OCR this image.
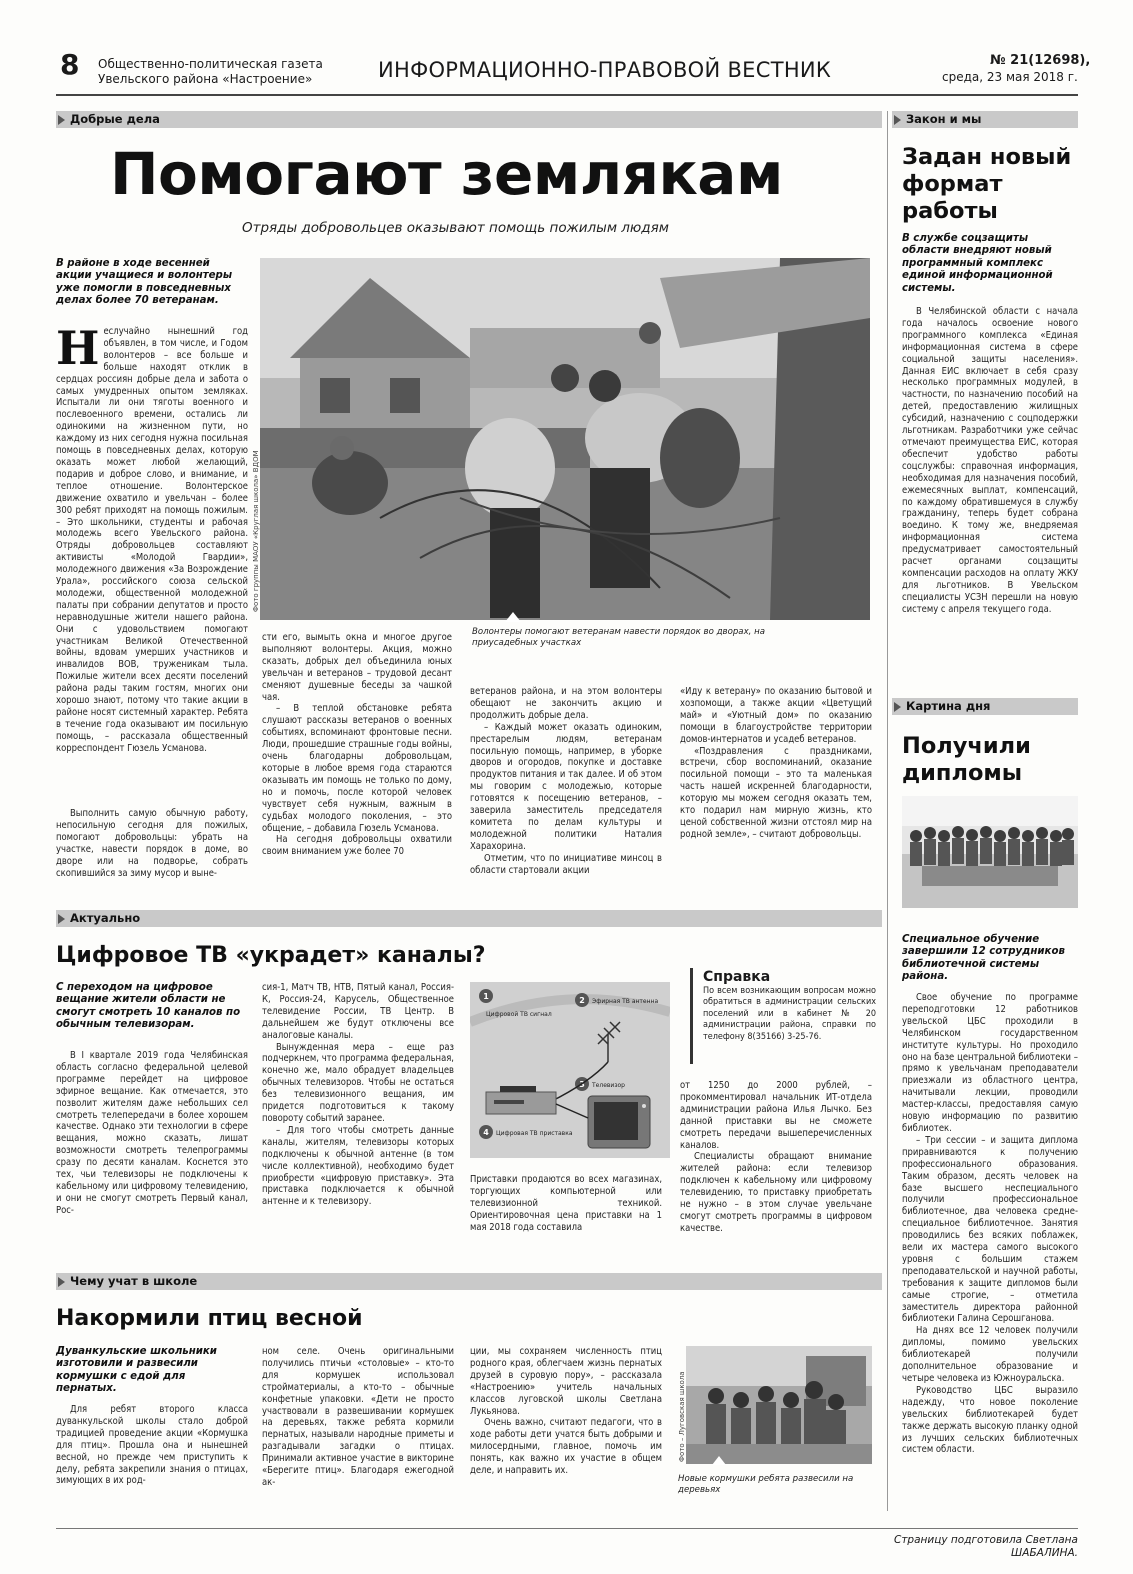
8 Общественно-политическая газета
Увельского района «Настроение»	ИНФОРМАЦИОННО-ПРАВОВОЙ ВЕСТНИК	№ 21(12698),
среда, 23 мая 2018 г.
Добрые дела
Помогают землякам
Отряды добровольцев оказывают помощь пожилым людям
В районе в ходе весенней акции учащиеся и волонтеры уже помогли в повседневных делах более 70 ветеранам.
Н еслучайно нынешний год объявлен, в том числе, и Годом волонтеров – все больше и больше находят отклик в сердцах россиян добрые дела и забота о самых умудренных опытом земляках. Испытали ли они тяготы военного и послевоенного времени, остались ли одинокими на жизненном пути, но каждому из них сегодня нужна посильная помощь в повседневных делах, которую оказать может любой желающий, подарив и доброе слово, и внимание, и теплое отношение. Волонтерское движение охватило и увельчан – более 300 ребят приходят на помощь пожилым. – Это школьники, студенты и рабочая молодежь всего Увельского района. Отряды добровольцев составляют активисты «Молодой Гвардии», молодежного движения «За Возрождение Урала», российского союза сельской молодежи, общественной молодежной палаты при собрании депутатов и просто неравнодушные жители нашего района. Они с удовольствием помогают участникам Великой Отечественной войны, вдовам умерших участников и инвалидов ВОВ, труженикам тыла. Пожилые жители всех десяти поселений района рады таким гостям, многих они хорошо знают, потому что такие акции в районе носят системный характер. Ребята в течение года оказывают им посильную помощь, – рассказала общественный корреспондент Гюзель Усманова.

Выполнить самую обычную работу, непосильную сегодня для пожилых, помогают добровольцы: убрать на участке, навести порядок в доме, во дворе или на подворье, собрать скопившийся за зиму мусор и выне-

Фото группы МАОУ «Круглая школа» ВДОМ
Волонтеры помогают ветеранам навести порядок во дворах, на приусадебных участках

сти его, вымыть окна и многое другое выполняют волонтеры. Акция, можно сказать, добрых дел объединила юных увельчан и ветеранов – трудовой десант сменяют душевные беседы за чашкой чая.

– В теплой обстановке ребята слушают рассказы ветеранов о военных событиях, вспоминают фронтовые песни. Люди, прошедшие страшные годы войны, очень благодарны добровольцам, которые в любое время года стараются оказывать им помощь не только по дому, но и помочь, после которой человек чувствует себя нужным, важным в судьбах молодого поколения, – это общение, – добавила Гюзель Усманова.

На сегодня добровольцы охватили своим вниманием уже более 70

ветеранов района, и на этом волонтеры обещают не закончить акцию и продолжить добрые дела.

– Каждый может оказать одиноким, престарелым людям, ветеранам посильную помощь, например, в уборке дворов и огородов, покупке и доставке продуктов питания и так далее. И об этом мы говорим с молодежью, которые готовятся к посещению ветеранов, – заверила заместитель председателя комитета по делам культуры и молодежной политики Наталия Харахорина.

Отметим, что по инициативе минсоц в области стартовали акции

«Иду к ветерану» по оказанию бытовой и хозпомощи, а также акции «Цветущий май» и «Уютный дом» по оказанию помощи в благоустройстве территории домов-интернатов и усадеб ветеранов.

«Поздравления с праздниками, встречи, сбор воспоминаний, оказание посильной помощи – это та маленькая часть нашей искренней благодарности, которую мы можем сегодня оказать тем, кто подарил нам мирную жизнь, кто ценой собственной жизни отстоял мир на родной земле», – считают добровольцы.

Закон и мы
Задан новый формат работы
В службе соцзащиты области внедряют новый программный комплекс единой информационной системы.

В Челябинской области с начала года началось освоение нового программного комплекса «Единая информационная система в сфере социальной защиты населения». Данная ЕИС включает в себя сразу несколько программных модулей, в частности, по назначению пособий на детей, предоставлению жилищных субсидий, назначению с соцподержки льготникам. Разработчики уже сейчас отмечают преимущества ЕИС, которая обеспечит удобство работы соцслужбы: справочная информация, необходимая для назначения пособий, ежемесячных выплат, компенсаций, по каждому обратившемуся в службу гражданину, теперь будет собрана воедино. К тому же, внедряемая информационная система предусматривает самостоятельный расчет органами соцзащиты компенсации расходов на оплату ЖКУ для льготников. В Увельском специалисты УСЗН перешли на новую систему с апреля текущего года.

Картина дня
Получили дипломы
Специальное обучение завершили 12 сотрудников библиотечной системы района.

Свое обучение по программе переподготовки 12 работников увельской ЦБС проходили в Челябинском государственном институте культуры. Но проходило оно на базе центральной библиотеки – прямо к увельчанам преподаватели приезжали из областного центра, начитывали лекции, проводили мастер-классы, предоставляя самую новую информацию по развитию библиотек.

– Три сессии – и защита диплома приравниваются к получению профессионального образования. Таким образом, десять человек на базе высшего неспециального получили профессиональное библиотечное, два человека средне-специальное библиотечное. Занятия проводились без всяких поблажек, вели их мастера самого высокого уровня с большим стажем преподавательской и научной работы, требования к защите дипломов были самые строгие, – отметила заместитель директора районной библиотеки Галина Серошганова.

На днях все 12 человек получили дипломы, помимо увельских библиотекарей получили дополнительное образование и четыре человека из Южноуральска.

Руководство ЦБС выразило надежду, что новое поколение увельских библиотекарей будет также держать высокую планку одной из лучших сельских библиотечных систем области.

Актуально
Цифровое ТВ «украдет» каналы?
С переходом на цифровое вещание жители области не смогут смотреть 10 каналов по обычным телевизорам.

В I квартале 2019 года Челябинская область согласно федеральной целевой программе перейдет на цифровое эфирное вещание. Как отмечается, это позволит жителям даже небольших сел смотреть телепередачи в более хорошем качестве. Однако эти технологии в сфере вещания, можно сказать, лишат возможности смотреть телепрограммы сразу по десяти каналам. Коснется это тех, чьи телевизоры не подключены к кабельному или цифровому телевидению, и они не смогут смотреть Первый канал, Рос-

сия-1, Матч ТВ, НТВ, Пятый канал, Россия-К, Россия-24, Карусель, Общественное телевидение России, ТВ Центр. В дальнейшем же будут отключены все аналоговые каналы.

Вынужденная мера – еще раз подчеркнем, что программа федеральная, конечно же, мало обрадует владельцев обычных телевизоров. Чтобы не остаться без телевизионного вещания, им придется подготовиться к такому повороту событий заранее.

– Для того чтобы смотреть данные каналы, жителям, телевизоры которых подключены к обычной антенне (в том числе коллективной), необходимо будет приобрести «цифровую приставку». Эта приставка подключается к обычной антенне и к телевизору.

1	2
3
4
Цифровой ТВ сигнал
Эфирная ТВ антенна
Телевизор
Цифровая ТВ приставка
Справка
По всем возникающим вопросам можно обратиться в администрации сельских поселений или в кабинет № 20 администрации района, справки по телефону 8(35166) 3-25-76.

Приставки продаются во всех магазинах, торгующих компьютерной или телевизионной техникой. Ориентировочная цена приставки на 1 мая 2018 года составила

от 1250 до 2000 рублей, – прокомментировал начальник ИТ-отдела администрации района Илья Лычко. Без данной приставки вы не сможете смотреть передачи вышеперечисленных каналов.

Специалисты обращают внимание жителей района: если телевизор подключен к кабельному или цифровому телевидению, то приставку приобретать не нужно – в этом случае увельчане смогут смотреть программы в цифровом качестве.

Чему учат в школе
Накормили птиц весной
Дуванкульские школьники изготовили и развесили кормушки с едой для пернатых.

Для ребят второго класса дуванкульской школы стало доброй традицией проведение акции «Кормушка для птиц». Прошла она и нынешней весной, но прежде чем приступить к делу, ребята закрепили знания о птицах, зимующих в их род-

ном селе. Очень оригинальными получились птичьи «столовые» – кто-то для кормушек использовал стройматериалы, а кто-то – обычные конфетные упаковки. «Дети не просто участвовали в развешивании кормушек на деревьях, также ребята кормили пернатых, называли народные приметы и разгадывали загадки о птицах. Принимали активное участие в викторине «Берегите птиц». Благодаря ежегодной ак-

ции, мы сохраняем численность птиц родного края, облегчаем жизнь пернатых друзей в суровую пору», – рассказала «Настроению» учитель начальных классов луговской школы Светлана Лукьянова.

Очень важно, считают педагоги, что в ходе работы дети учатся быть добрыми и милосердными, главное, помочь им понять, как важно их участие в общем деле, и направить их.

Фото – Луговская школа
Новые кормушки ребята развесили на деревьях
Страницу подготовила Светлана ШАБАЛИНА.
